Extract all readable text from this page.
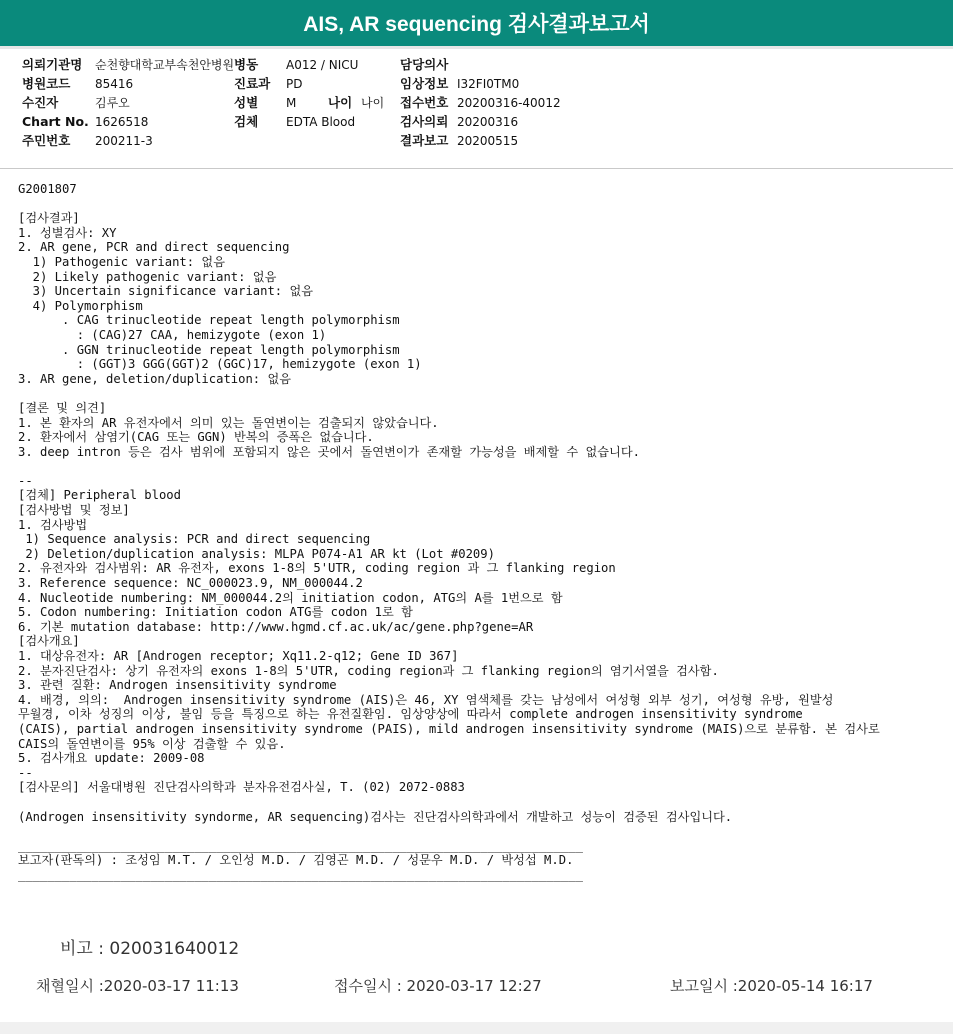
AIS, AR sequencing 검사결과보고서
의뢰기관명 순천향대학교부속천안병원 병동 A012 / NICU	담당의사
병원코드 85416	진료과 PD	임상정보 I32FI0TM0
수진자	김루오	성별 M	나이 나이 접수번호 20200316-40012
Chart No. 1626518	검체 EDTA Blood	검사의뢰 20200316
주민번호 200211-3	결과보고 20200515
G2001807
[검사결과]
1. 성별검사: XY
2. AR gene, PCR and direct sequencing
1) Pathogenic variant: 없음
2) Likely pathogenic variant: 없음
3) Uncertain significance variant: 없음
4) Polymorphism
. CAG trinucleotide repeat length polymorphism
: (CAG)27 CAA, hemizygote (exon 1)
. GGN trinucleotide repeat length polymorphism
: (GGT)3 GGG(GGT)2 (GGC)17, hemizygote (exon 1)
3. AR gene, deletion/duplication: 없음
[결론 및 의견]
1. 본 환자의 AR 유전자에서 의미 있는 돌연변이는 검출되지 않았습니다.
2. 환자에서 삼염기(CAG 또는 GGN) 반복의 증폭은 없습니다.
3. deep intron 등은 검사 범위에 포함되지 않은 곳에서 돌연변이가 존재할 가능성을 배제할 수 없습니다.
--
[검체] Peripheral blood
[검사방법 및 정보]
1. 검사방법
1) Sequence analysis: PCR and direct sequencing
2) Deletion/duplication analysis: MLPA P074-A1 AR kt (Lot #0209)
2. 유전자와 검사범위: AR 유전자, exons 1-8의 5'UTR, coding region 과 그 flanking region
3. Reference sequence: NC_000023.9, NM_000044.2
4. Nucleotide numbering: NM_000044.2의 initiation codon, ATG의 A를 1번으로 함
5. Codon numbering: Initiation codon ATG를 codon 1로 함
6. 기본 mutation database: http://www.hgmd.cf.ac.uk/ac/gene.php?gene=AR
[검사개요]
1. 대상유전자: AR [Androgen receptor; Xq11.2-q12; Gene ID 367]
2. 분자진단검사: 상기 유전자의 exons 1-8의 5'UTR, coding region과 그 flanking region의 염기서열을 검사함.
3. 관련 질환: Androgen insensitivity syndrome
4. 배경, 의의:  Androgen insensitivity syndrome (AIS)은 46, XY 염색체를 갖는 남성에서 여성형 외부 성기, 여성형 유방, 원발성
무월경, 이차 성징의 이상, 불임 등을 특징으로 하는 유전질환임. 임상양상에 따라서 complete androgen insensitivity syndrome
(CAIS), partial androgen insensitivity syndrome (PAIS), mild androgen insensitivity syndrome (MAIS)으로 분류함. 본 검사로
CAIS의 돌연변이를 95% 이상 검출할 수 있음.
5. 검사개요 update: 2009-08
--
[검사문의] 서울대병원 진단검사의학과 분자유전검사실, T. (02) 2072-0883
(Androgen insensitivity syndorme, AR sequencing)검사는 진단검사의학과에서 개발하고 성능이 검증된 검사입니다.
_____________________________________________________________________________
보고자(판독의) : 조성임 M.T. / 오인성 M.D. / 김영곤 M.D. / 성문우 M.D. / 박성섭 M.D.
_____________________________________________________________________________
비고 : 020031640012
채혈일시 :2020-03-17 11:13	접수일시 : 2020-03-17 12:27	보고일시 :2020-05-14 16:17
